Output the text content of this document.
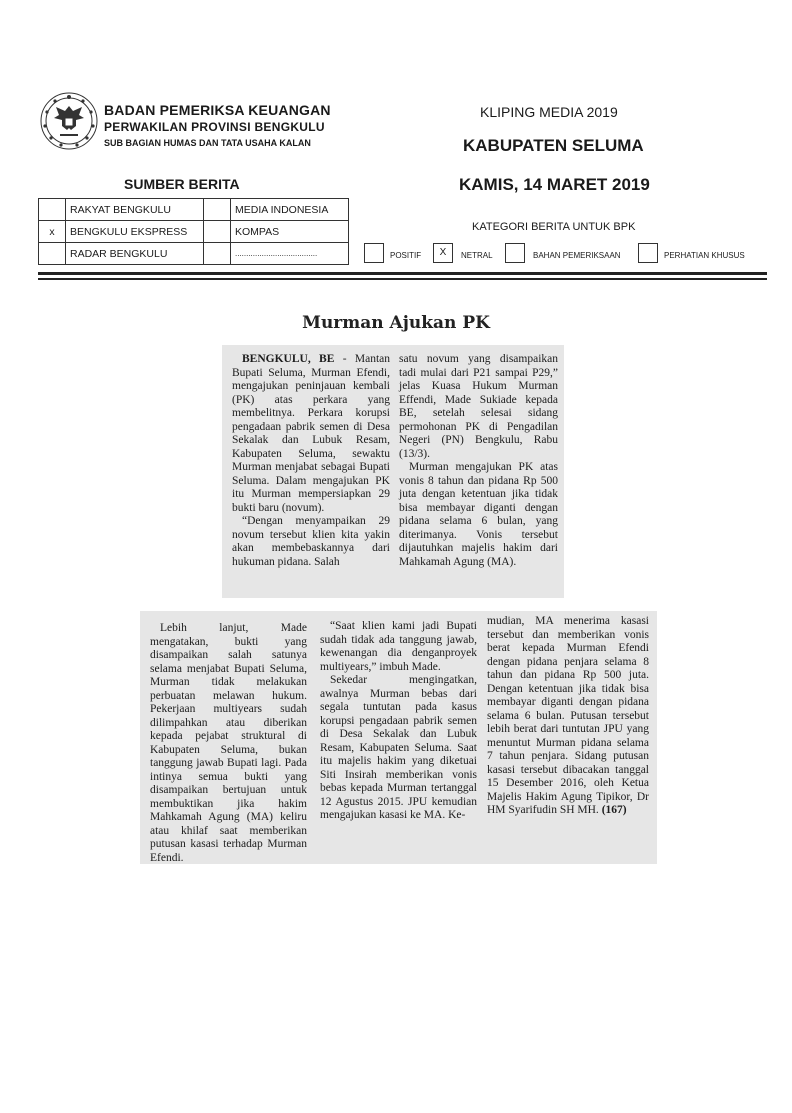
BADAN PEMERIKSA KEUANGAN
PERWAKILAN PROVINSI BENGKULU
SUB BAGIAN HUMAS DAN TATA USAHA KALAN
KLIPING MEDIA 2019
KABUPATEN SELUMA
KAMIS, 14 MARET 2019
SUMBER BERITA
	RAKYAT BENGKULU		MEDIA INDONESIA
x	BENGKULU EKSPRESS		KOMPAS
	RADAR BENGKULU		.....................................
KATEGORI BERITA UNTUK BPK
POSITIF	X	NETRAL	BAHAN PEMERIKSAAN	PERHATIAN KHUSUS
Murman Ajukan PK

BENGKULU, BE - Mantan Bupati Seluma, Murman Efendi, mengajukan peninjauan kembali (PK) atas perkara yang membelitnya. Perkara korupsi pengadaan pabrik semen di Desa Sekalak dan Lubuk Resam, Kabupaten Seluma, sewaktu Murman menjabat sebagai Bupati Seluma. Dalam mengajukan PK itu Murman mempersiapkan 29 bukti baru (novum).

“Dengan menyampaikan 29 novum tersebut klien kita yakin akan membebaskannya dari hukuman pidana. Salah

satu novum yang disampaikan tadi mulai dari P21 sampai P29,” jelas Kuasa Hukum Murman Effendi, Made Sukiade kepada BE, setelah selesai sidang permohonan PK di Pengadilan Negeri (PN) Bengkulu, Rabu (13/3).

Murman mengajukan PK atas vonis 8 tahun dan pidana Rp 500 juta dengan ketentuan jika tidak bisa membayar diganti dengan pidana selama 6 bulan, yang diterimanya. Vonis tersebut dijautuhkan majelis hakim dari Mahkamah Agung (MA).

Lebih lanjut, Made mengatakan, bukti yang disampaikan salah satunya selama menjabat Bupati Seluma, Murman tidak melakukan perbuatan melawan hukum. Pekerjaan multiyears sudah dilimpahkan atau diberikan kepada pejabat struktural di Kabupaten Seluma, bukan tanggung jawab Bupati lagi. Pada intinya semua bukti yang disampaikan bertujuan untuk membuktikan jika hakim Mahkamah Agung (MA) keliru atau khilaf saat memberikan putusan kasasi terhadap Murman Efendi.

“Saat klien kami jadi Bupati sudah tidak ada tanggung jawab, kewenangan dia denganproyek multiyears,” imbuh Made.

Sekedar mengingatkan, awalnya Murman bebas dari segala tuntutan pada kasus korupsi pengadaan pabrik semen di Desa Sekalak dan Lubuk Resam, Kabupaten Seluma. Saat itu majelis hakim yang diketuai Siti Insirah memberikan vonis bebas kepada Murman tertanggal 12 Agustus 2015. JPU kemudian mengajukan kasasi ke MA. Ke-

mudian, MA menerima kasasi tersebut dan memberikan vonis berat kepada Murman Efendi dengan pidana penjara selama 8 tahun dan pidana Rp 500 juta. Dengan ketentuan jika tidak bisa membayar diganti dengan pidana selama 6 bulan. Putusan tersebut lebih berat dari tuntutan JPU yang menuntut Murman pidana selama 7 tahun penjara. Sidang putusan kasasi tersebut dibacakan tanggal 15 Desember 2016, oleh Ketua Majelis Hakim Agung Tipikor, Dr HM Syarifudin SH MH. (167)
